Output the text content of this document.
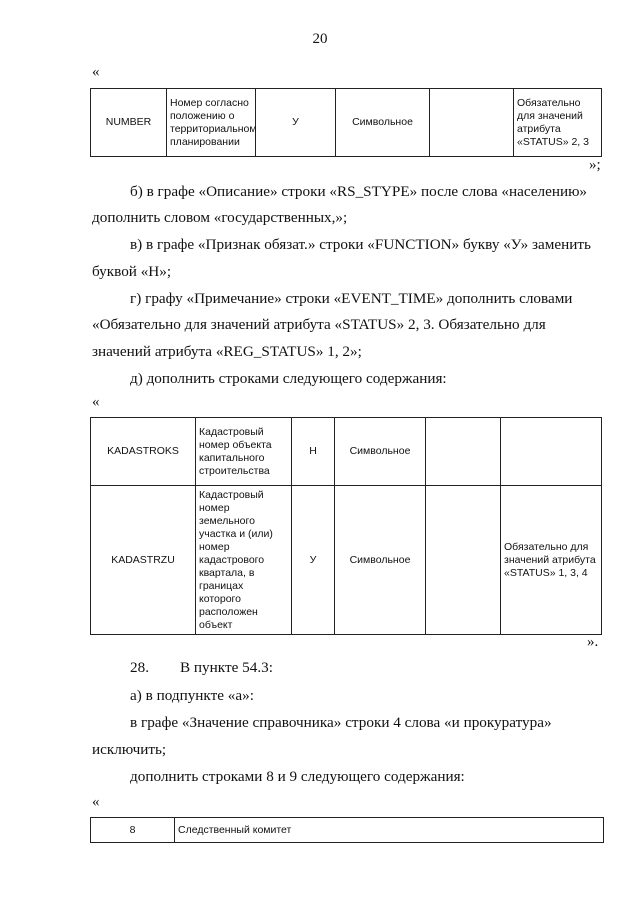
20
«
NUMBER	Номер согласно положению о территориальном планировании	У	Символьное		Обязательно для значений атрибута «STATUS» 2, 3
»;
б) в графе «Описание» строки «RS_STYPE» после слова «населению»
дополнить словом «государственных,»;
в) в графе «Признак обязат.» строки «FUNCTION» букву «У» заменить
буквой «Н»;
г) графу «Примечание» строки «EVENT_TIME» дополнить словами
«Обязательно для значений атрибута «STATUS» 2, 3. Обязательно для
значений атрибута «REG_STATUS» 1, 2»;
д) дополнить строками следующего содержания:
«
KADASTROKS	Кадастровый номер объекта капитального строительства	Н	Символьное		
KADASTRZU	Кадастровый номер земельного участка и (или) номер кадастрового квартала, в границах которого расположен объект	У	Символьное		Обязательно для значений атрибута «STATUS» 1, 3, 4
».
28. В пункте 54.3:
а) в подпункте «а»:
в графе «Значение справочника» строки 4 слова «и прокуратура»
исключить;
дополнить строками 8 и 9 следующего содержания:
«
8	Следственный комитет
